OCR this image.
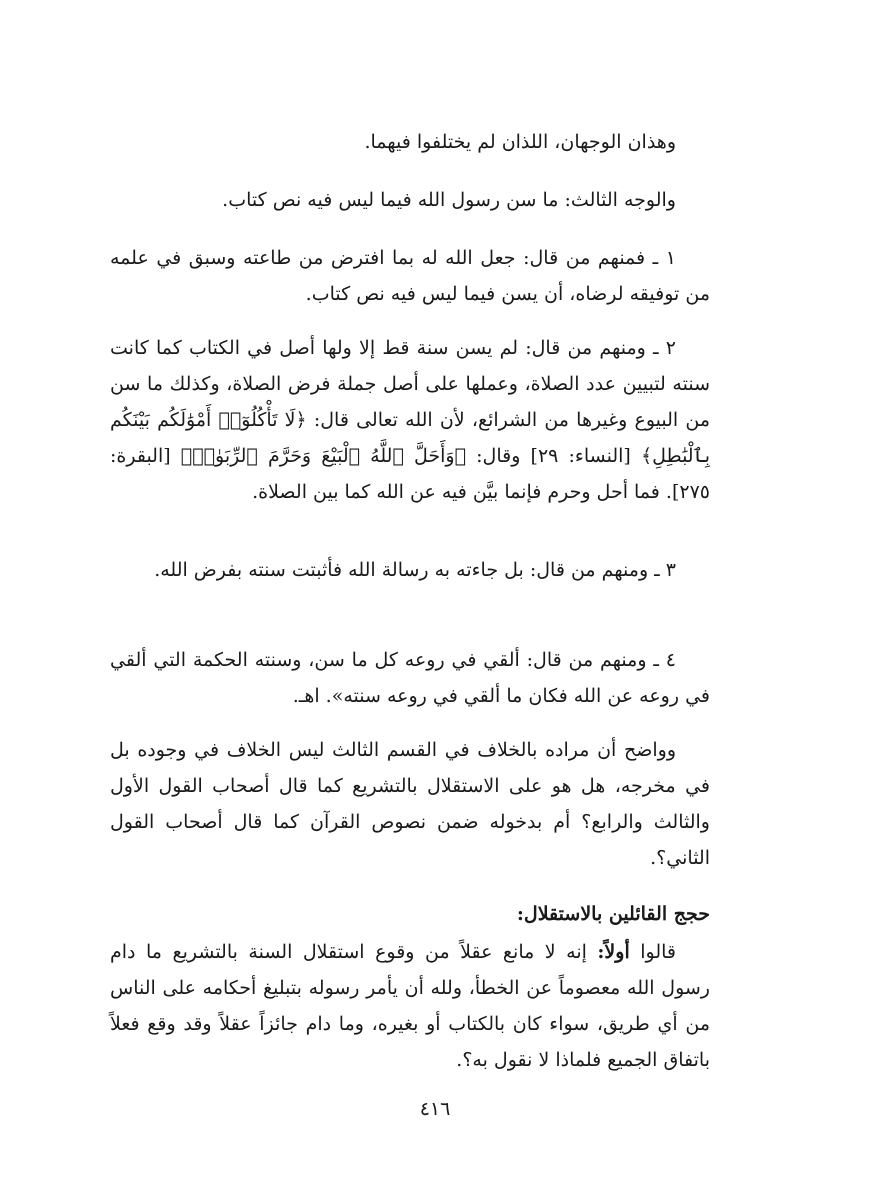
وهذان الوجهان، اللذان لم يختلفوا فيهما.
والوجه الثالث: ما سن رسول الله فيما ليس فيه نص كتاب.
١ ـ فمنهم من قال: جعل الله له بما افترض من طاعته وسبق في علمه من توفيقه لرضاه، أن يسن فيما ليس فيه نص كتاب.
٢ ـ ومنهم من قال: لم يسن سنة قط إلا ولها أصل في الكتاب كما كانت سنته لتبيين عدد الصلاة، وعملها على أصل جملة فرض الصلاة، وكذلك ما سن من البيوع وغيرها من الشرائع، لأن الله تعالى قال: ﴿لَا تَأْكُلُوٓا۟ أَمْوَٰلَكُم بَيْنَكُم بِٱلْبَٰطِلِ﴾ [النساء: ٢٩] وقال: ﴿وَأَحَلَّ ٱللَّهُ ٱلْبَيْعَ وَحَرَّمَ ٱلرِّبَوٰا۟﴾ [البقرة: ٢٧٥]. فما أحل وحرم فإنما بيَّن فيه عن الله كما بين الصلاة.
٣ ـ ومنهم من قال: بل جاءته به رسالة الله فأثبتت سنته بفرض الله.
٤ ـ ومنهم من قال: ألقي في روعه كل ما سن، وسنته الحكمة التي ألقي في روعه عن الله فكان ما ألقي في روعه سنته». اهـ.
وواضح أن مراده بالخلاف في القسم الثالث ليس الخلاف في وجوده بل في مخرجه، هل هو على الاستقلال بالتشريع كما قال أصحاب القول الأول والثالث والرابع؟ أم بدخوله ضمن نصوص القرآن كما قال أصحاب القول الثاني؟.
حجج القائلين بالاستقلال:
قالوا أولاً: إنه لا مانع عقلاً من وقوع استقلال السنة بالتشريع ما دام رسول الله معصوماً عن الخطأ، ولله أن يأمر رسوله بتبليغ أحكامه على الناس من أي طريق، سواء كان بالكتاب أو بغيره، وما دام جائزاً عقلاً وقد وقع فعلاً باتفاق الجميع فلماذا لا نقول به؟.
٤١٦
